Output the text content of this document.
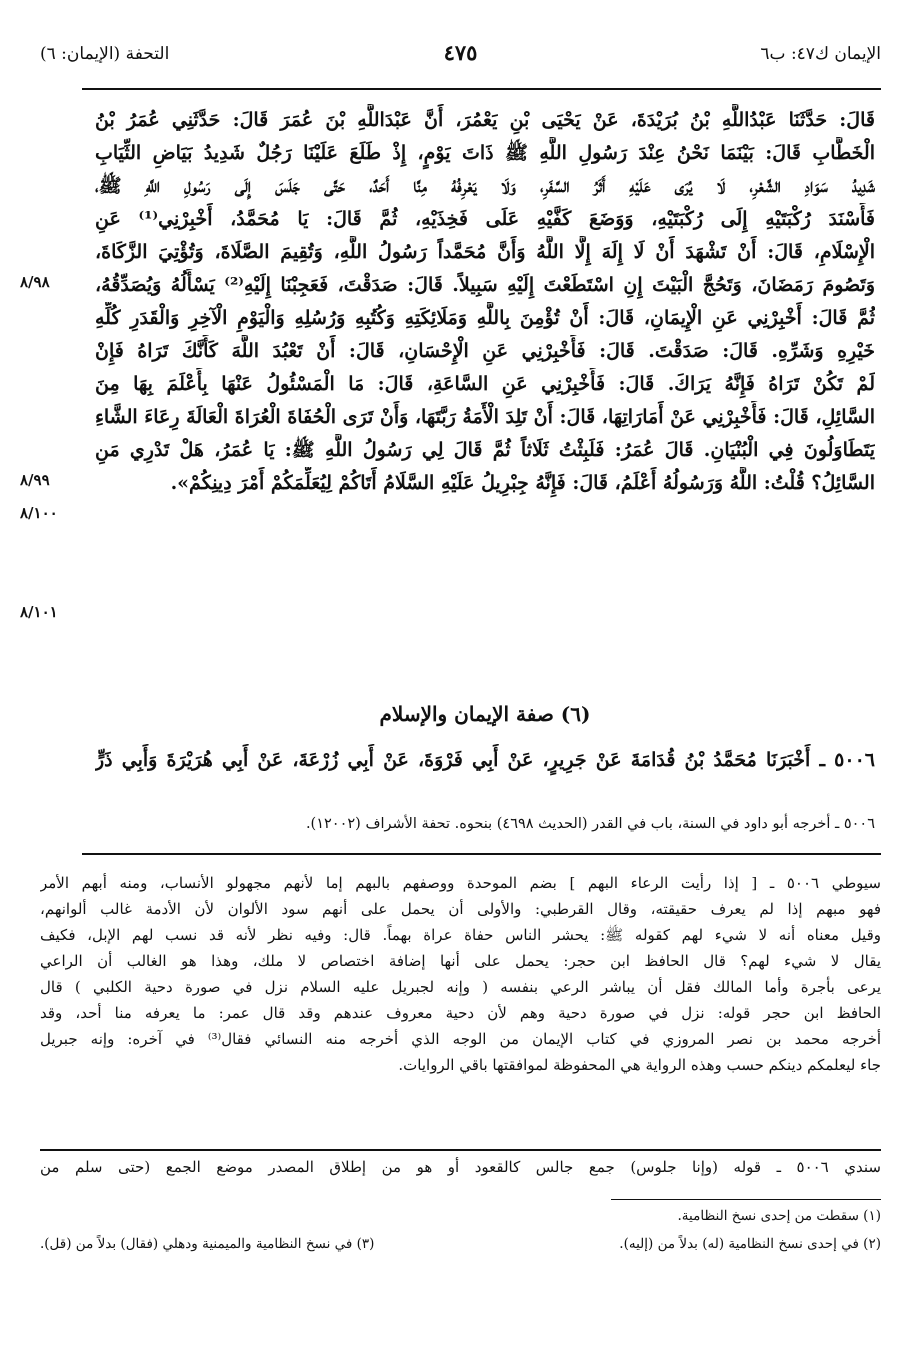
الإيمان ك٤٧: ب٦
٤٧٥
التحفة (الإيمان: ٦)
قَالَ: حَدَّثَنَا عَبْدُاللَّهِ بْنُ بُرَيْدَةَ، عَنْ يَحْيَى بْنِ يَعْمُرَ، أَنَّ عَبْدَاللَّهِ بْنَ عُمَرَ قَالَ: حَدَّثَنِي عُمَرُ بْنُ
الْخَطَّابِ قَالَ: بَيْنَمَا نَحْنُ عِنْدَ رَسُولِ اللَّهِ ﷺ ذَاتَ يَوْمٍ، إِذْ طَلَعَ عَلَيْنَا رَجُلٌ شَدِيدُ بَيَاضِ الثِّيَابِ
شَدِيدُ سَوَادِ الشَّعْرِ، لَا يُرَى عَلَيْهِ أَثَرُ السَّفَرِ، وَلَا يَعْرِفُهُ مِنَّا أَحَدٌ، حَتَّى جَلَسَ إِلَى رَسُولِ اللَّهِ ﷺ،
فَأَسْنَدَ رُكْبَتَيْهِ إِلَى رُكْبَتَيْهِ، وَوَضَعَ كَفَّيْهِ عَلَى فَخِذَيْهِ، ثُمَّ قَالَ: يَا مُحَمَّدُ، أَخْبِرْنِي⁽¹⁾ عَنِ
الْإِسْلَامِ، قَالَ: أَنْ تَشْهَدَ أَنْ لَا إِلَهَ إِلَّا اللَّهُ وَأَنَّ مُحَمَّداً رَسُولُ اللَّهِ، وَتُقِيمَ الصَّلَاةَ، وَتُؤْتِيَ الزَّكَاةَ،
وَتَصُومَ رَمَضَانَ، وَتَحُجَّ الْبَيْتَ إِنِ اسْتَطَعْتَ إِلَيْهِ سَبِيلاً. قَالَ: صَدَقْتَ، فَعَجِبْنَا إِلَيْهِ⁽²⁾ يَسْأَلُهُ وَيُصَدِّقُهُ،
ثُمَّ قَالَ: أَخْبِرْنِي عَنِ الْإِيمَانِ، قَالَ: أَنْ تُؤْمِنَ بِاللَّهِ وَمَلَائِكَتِهِ وَكُتُبِهِ وَرُسُلِهِ وَالْيَوْمِ الْآخِرِ وَالْقَدَرِ كُلِّهِ
خَيْرِهِ وَشَرِّهِ. قَالَ: صَدَقْتَ. قَالَ: فَأَخْبِرْنِي عَنِ الْإِحْسَانِ، قَالَ: أَنْ تَعْبُدَ اللَّهَ كَأَنَّكَ تَرَاهُ فَإِنْ
لَمْ تَكُنْ تَرَاهُ فَإِنَّهُ يَرَاكَ. قَالَ: فَأَخْبِرْنِي عَنِ السَّاعَةِ، قَالَ: مَا الْمَسْئُولُ عَنْهَا بِأَعْلَمَ بِهَا مِنَ
السَّائِلِ، قَالَ: فَأَخْبِرْنِي عَنْ أَمَارَاتِهَا، قَالَ: أَنْ تَلِدَ الْأَمَةُ رَبَّتَهَا، وَأَنْ تَرَى الْحُفَاةَ الْعُرَاةَ الْعَالَةَ رِعَاءَ الشَّاءِ
يَتَطَاوَلُونَ فِي الْبُنْيَانِ. قَالَ عُمَرُ: فَلَبِثْتُ ثَلَاثاً ثُمَّ قَالَ لِي رَسُولُ اللَّهِ ﷺ: يَا عُمَرُ، هَلْ تَدْرِي مَنِ
السَّائِلُ؟ قُلْتُ: اللَّهُ وَرَسُولُهُ أَعْلَمُ، قَالَ: فَإِنَّهُ جِبْرِيلُ عَلَيْهِ السَّلَامُ أَتَاكُمْ لِيُعَلِّمَكُمْ أَمْرَ دِينِكُمْ».
٨/٩٨
٨/٩٩
٨/١٠٠
٨/١٠١
(٦) صفة الإيمان والإسلام
٥٠٠٦ ـ أَخْبَرَنَا مُحَمَّدُ بْنُ قُدَامَةَ عَنْ جَرِيرٍ، عَنْ أَبِي فَرْوَةَ، عَنْ أَبِي زُرْعَةَ، عَنْ أَبِي هُرَيْرَةَ وَأَبِي ذَرٍّ
٥٠٠٦ ـ أخرجه أبو داود في السنة، باب في القدر (الحديث ٤٦٩٨) بنحوه. تحفة الأشراف (١٢٠٠٢).
سيوطي ٥٠٠٦ ـ [ إذا رأيت الرعاء البهم ] بضم الموحدة ووصفهم بالبهم إما لأنهم مجهولو الأنساب، ومنه أبهم الأمر
فهو مبهم إذا لم يعرف حقيقته، وقال القرطبي: والأولى أن يحمل على أنهم سود الألوان لأن الأدمة غالب ألوانهم،
وقيل معناه أنه لا شيء لهم كقوله ﷺ: يحشر الناس حفاة عراة بهماً. قال: وفيه نظر لأنه قد نسب لهم الإبل، فكيف
يقال لا شيء لهم؟ قال الحافظ ابن حجر: يحمل على أنها إضافة اختصاص لا ملك، وهذا هو الغالب أن الراعي
يرعى بأجرة وأما المالك فقل أن يباشر الرعي بنفسه ( وإنه لجبريل عليه السلام نزل في صورة دحية الكلبي ) قال
الحافظ ابن حجر قوله: نزل في صورة دحية وهم لأن دحية معروف عندهم وقد قال عمر: ما يعرفه منا أحد، وقد
أخرجه محمد بن نصر المروزي في كتاب الإيمان من الوجه الذي أخرجه منه النسائي فقال⁽³⁾ في آخره: وإنه جبريل
جاء ليعلمكم دينكم حسب وهذه الرواية هي المحفوظة لموافقتها باقي الروايات.
سندي ٥٠٠٦ ـ قوله (وإنا جلوس) جمع جالس كالقعود أو هو من إطلاق المصدر موضع الجمع (حتى سلم من
(١) سقطت من إحدى نسخ النظامية.
(٢) في إحدى نسخ النظامية (له) بدلاً من (إليه).
(٣) في نسخ النظامية والميمنية ودهلي (فقال) بدلاً من (قل).
